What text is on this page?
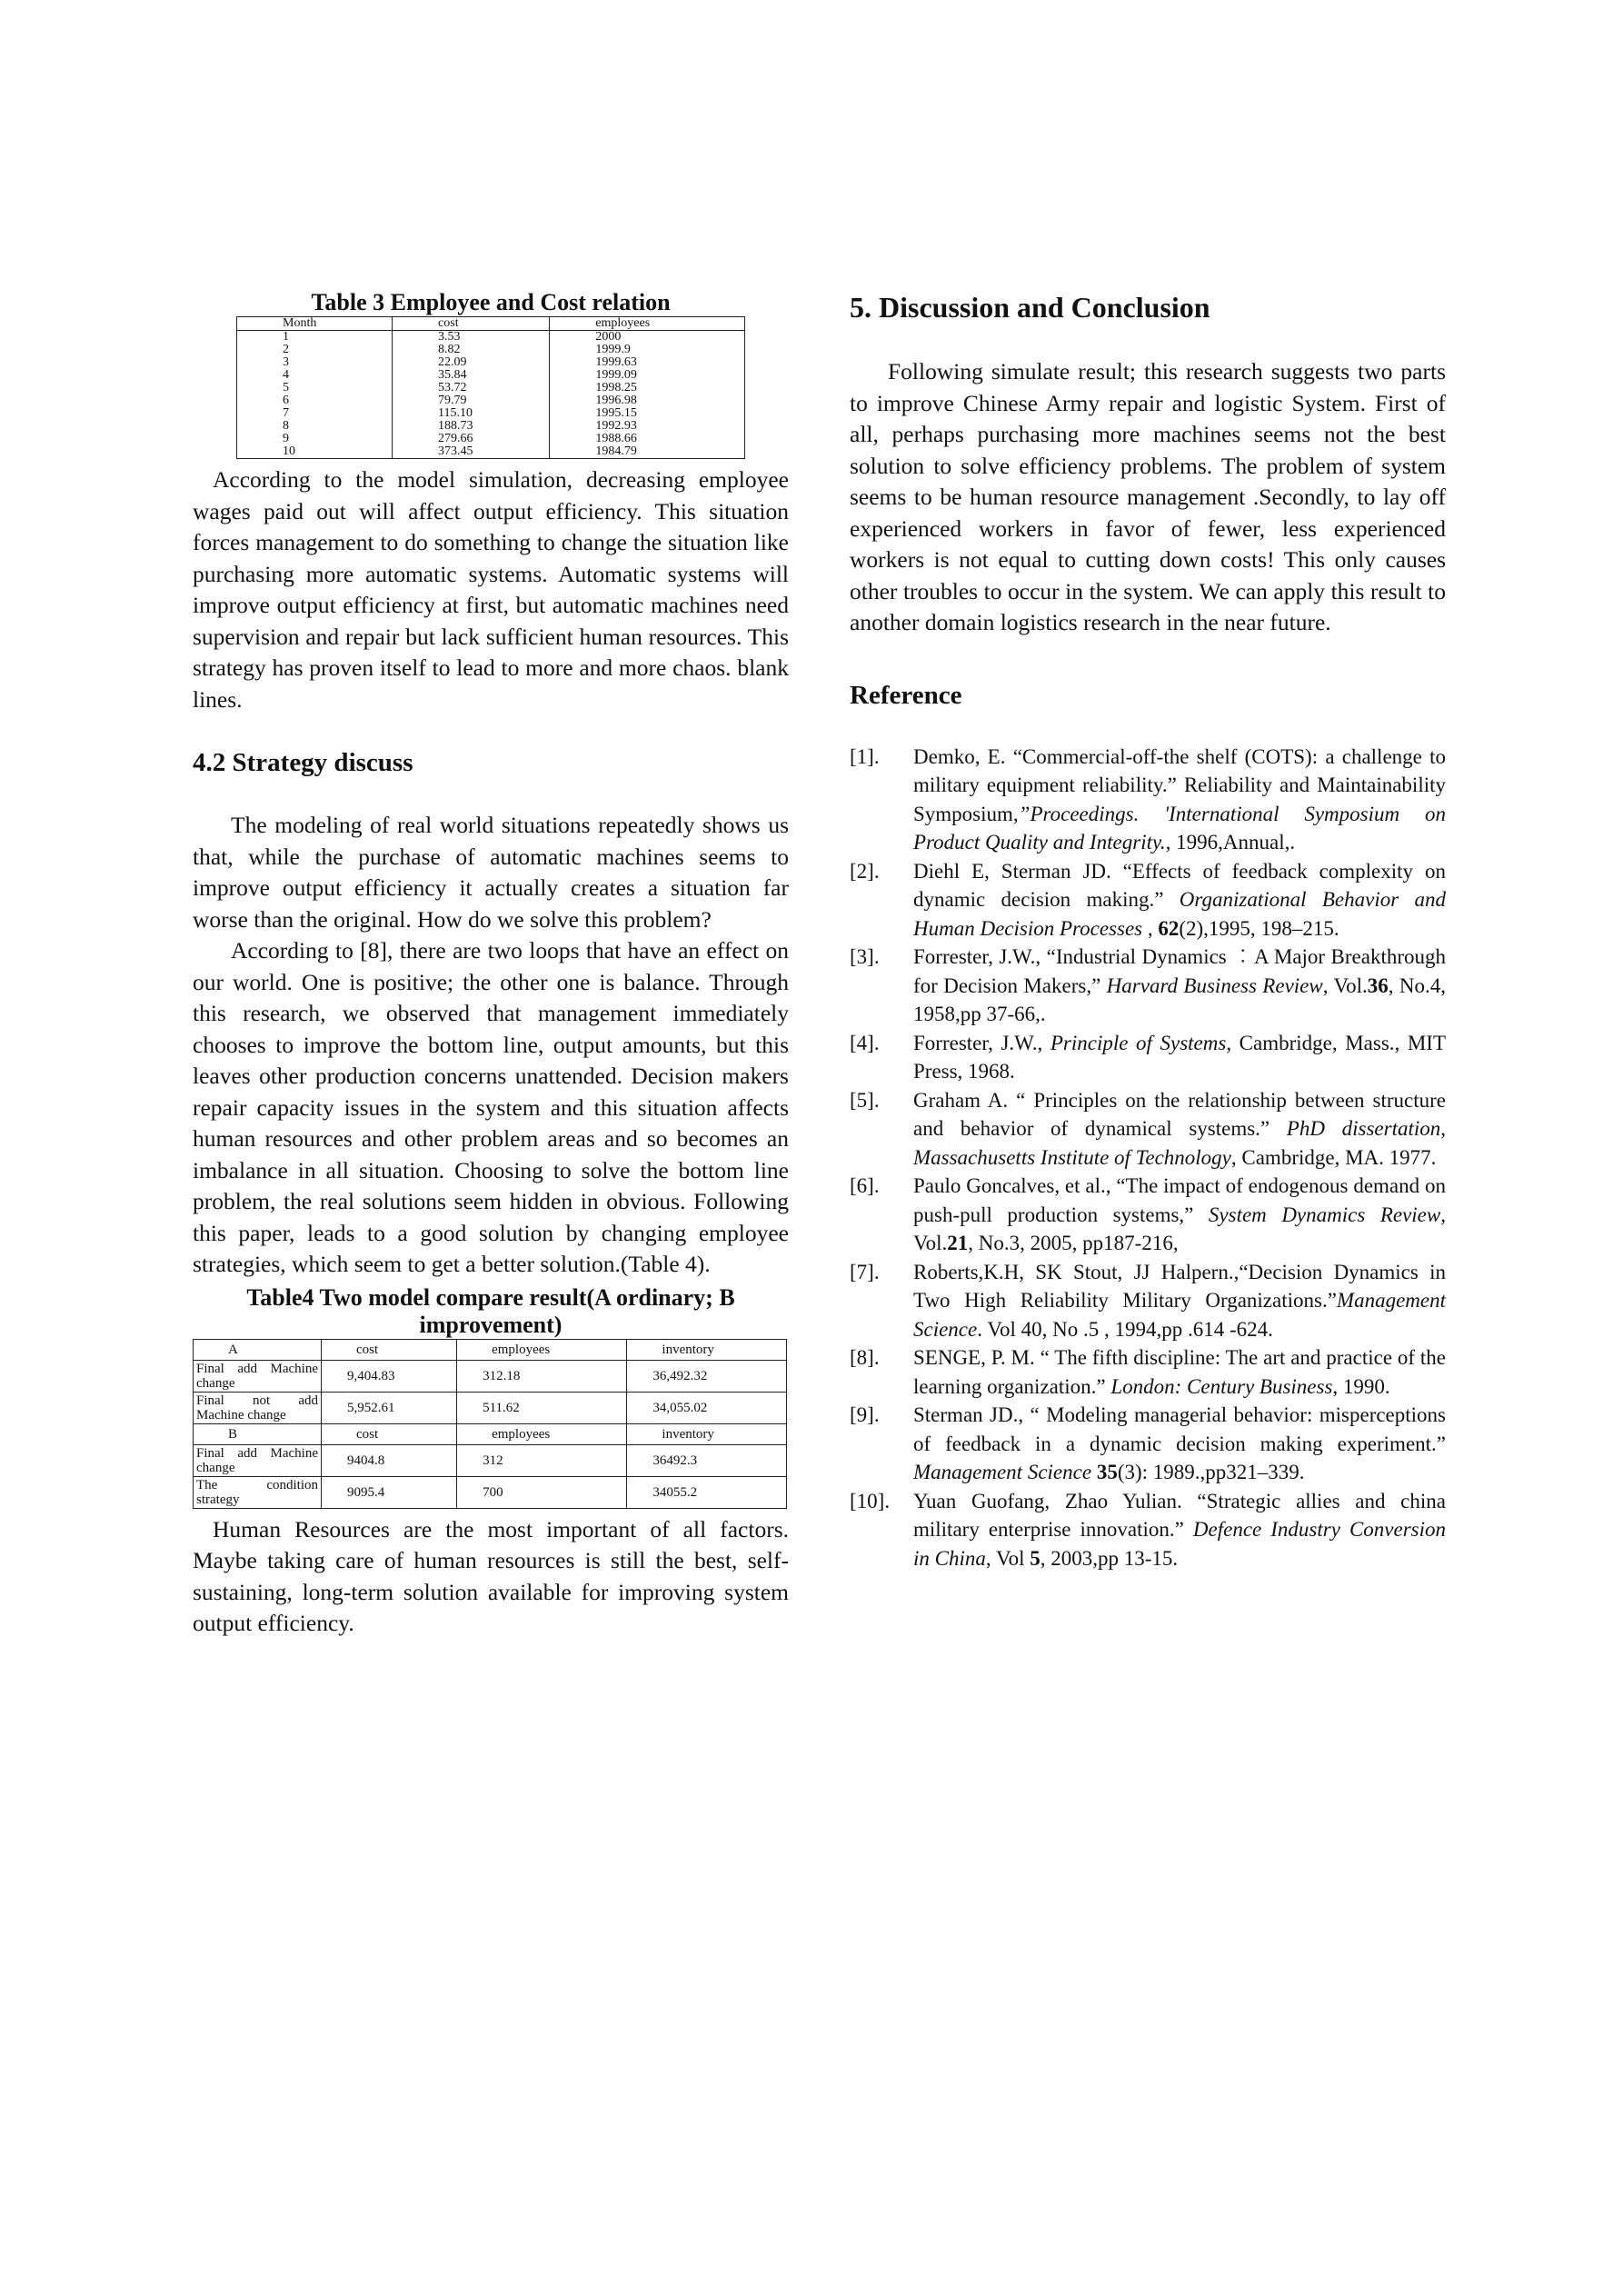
Table 3 Employee and Cost relation
Month	cost	employees
1	3.53	2000
2	8.82	1999.9
3	22.09	1999.63
4	35.84	1999.09
5	53.72	1998.25
6	79.79	1996.98
7	115.10	1995.15
8	188.73	1992.93
9	279.66	1988.66
10	373.45	1984.79

According to the model simulation, decreasing employee wages paid out will affect output efficiency. This situation forces management to do something to change the situation like purchasing more automatic systems. Automatic systems will improve output efficiency at first, but automatic machines need supervision and repair but lack sufficient human resources. This strategy has proven itself to lead to more and more chaos. blank lines.

4.2 Strategy discuss

The modeling of real world situations repeatedly shows us that, while the purchase of automatic machines seems to improve output efficiency it actually creates a situation far worse than the original. How do we solve this problem?

According to [8], there are two loops that have an effect on our world. One is positive; the other one is balance. Through this research, we observed that management immediately chooses to improve the bottom line, output amounts, but this leaves other production concerns unattended. Decision makers repair capacity issues in the system and this situation affects human resources and other problem areas and so becomes an imbalance in all situation. Choosing to solve the bottom line problem, the real solutions seem hidden in obvious. Following this paper, leads to a good solution by changing employee strategies, which seem to get a better solution.(Table 4).

Table4 Two model compare result(A ordinary; B
improvement)
A	cost	employees	inventory
Final add Machine change	9,404.83	312.18	36,492.32
Final not add Machine change	5,952.61	511.62	34,055.02
B	cost	employees	inventory
Final add Machine change	9404.8	312	36492.3
The condition strategy	9095.4	700	34055.2

Human Resources are the most important of all factors. Maybe taking care of human resources is still the best, self-sustaining, long-term solution available for improving system output efficiency.

5. Discussion and Conclusion

Following simulate result; this research suggests two parts to improve Chinese Army repair and logistic System. First of all, perhaps purchasing more machines seems not the best solution to solve efficiency problems. The problem of system seems to be human resource management .Secondly, to lay off experienced workers in favor of fewer, less experienced workers is not equal to cutting down costs! This only causes other troubles to occur in the system. We can apply this result to another domain logistics research in the near future.

Reference
[1].	Demko, E. “Commercial-off-the shelf (COTS): a challenge to military equipment reliability.” Reliability and Maintainability Symposium,”Proceedings. 'International Symposium on Product Quality and Integrity., 1996,Annual,.
[2].	Diehl E, Sterman JD. “Effects of feedback complexity on dynamic decision making.” Organizational Behavior and Human Decision Processes , 62(2),1995, 198–215.
[3].	Forrester, J.W., “Industrial Dynamics ︰A Major Breakthrough for Decision Makers,” Harvard Business Review, Vol.36, No.4, 1958,pp 37-66,.
[4].	Forrester, J.W., Principle of Systems, Cambridge, Mass., MIT Press, 1968.
[5].	Graham A. “ Principles on the relationship between structure and behavior of dynamical systems.” PhD dissertation, Massachusetts Institute of Technology, Cambridge, MA. 1977.
[6].	Paulo Goncalves, et al., “The impact of endogenous demand on push-pull production systems,” System Dynamics Review, Vol.21, No.3, 2005, pp187-216,
[7].	Roberts,K.H, SK Stout, JJ Halpern.,“Decision Dynamics in Two High Reliability Military Organizations.”Management Science. Vol 40, No .5 , 1994,pp .614 -624.
[8].	SENGE, P. M. “ The fifth discipline: The art and practice of the learning organization.” London: Century Business, 1990.
[9].	Sterman JD., “ Modeling managerial behavior: misperceptions of feedback in a dynamic decision making experiment.” Management Science 35(3): 1989.,pp321–339.
[10].	Yuan Guofang, Zhao Yulian. “Strategic allies and china military enterprise innovation.” Defence Industry Conversion in China, Vol 5, 2003,pp 13-15.
